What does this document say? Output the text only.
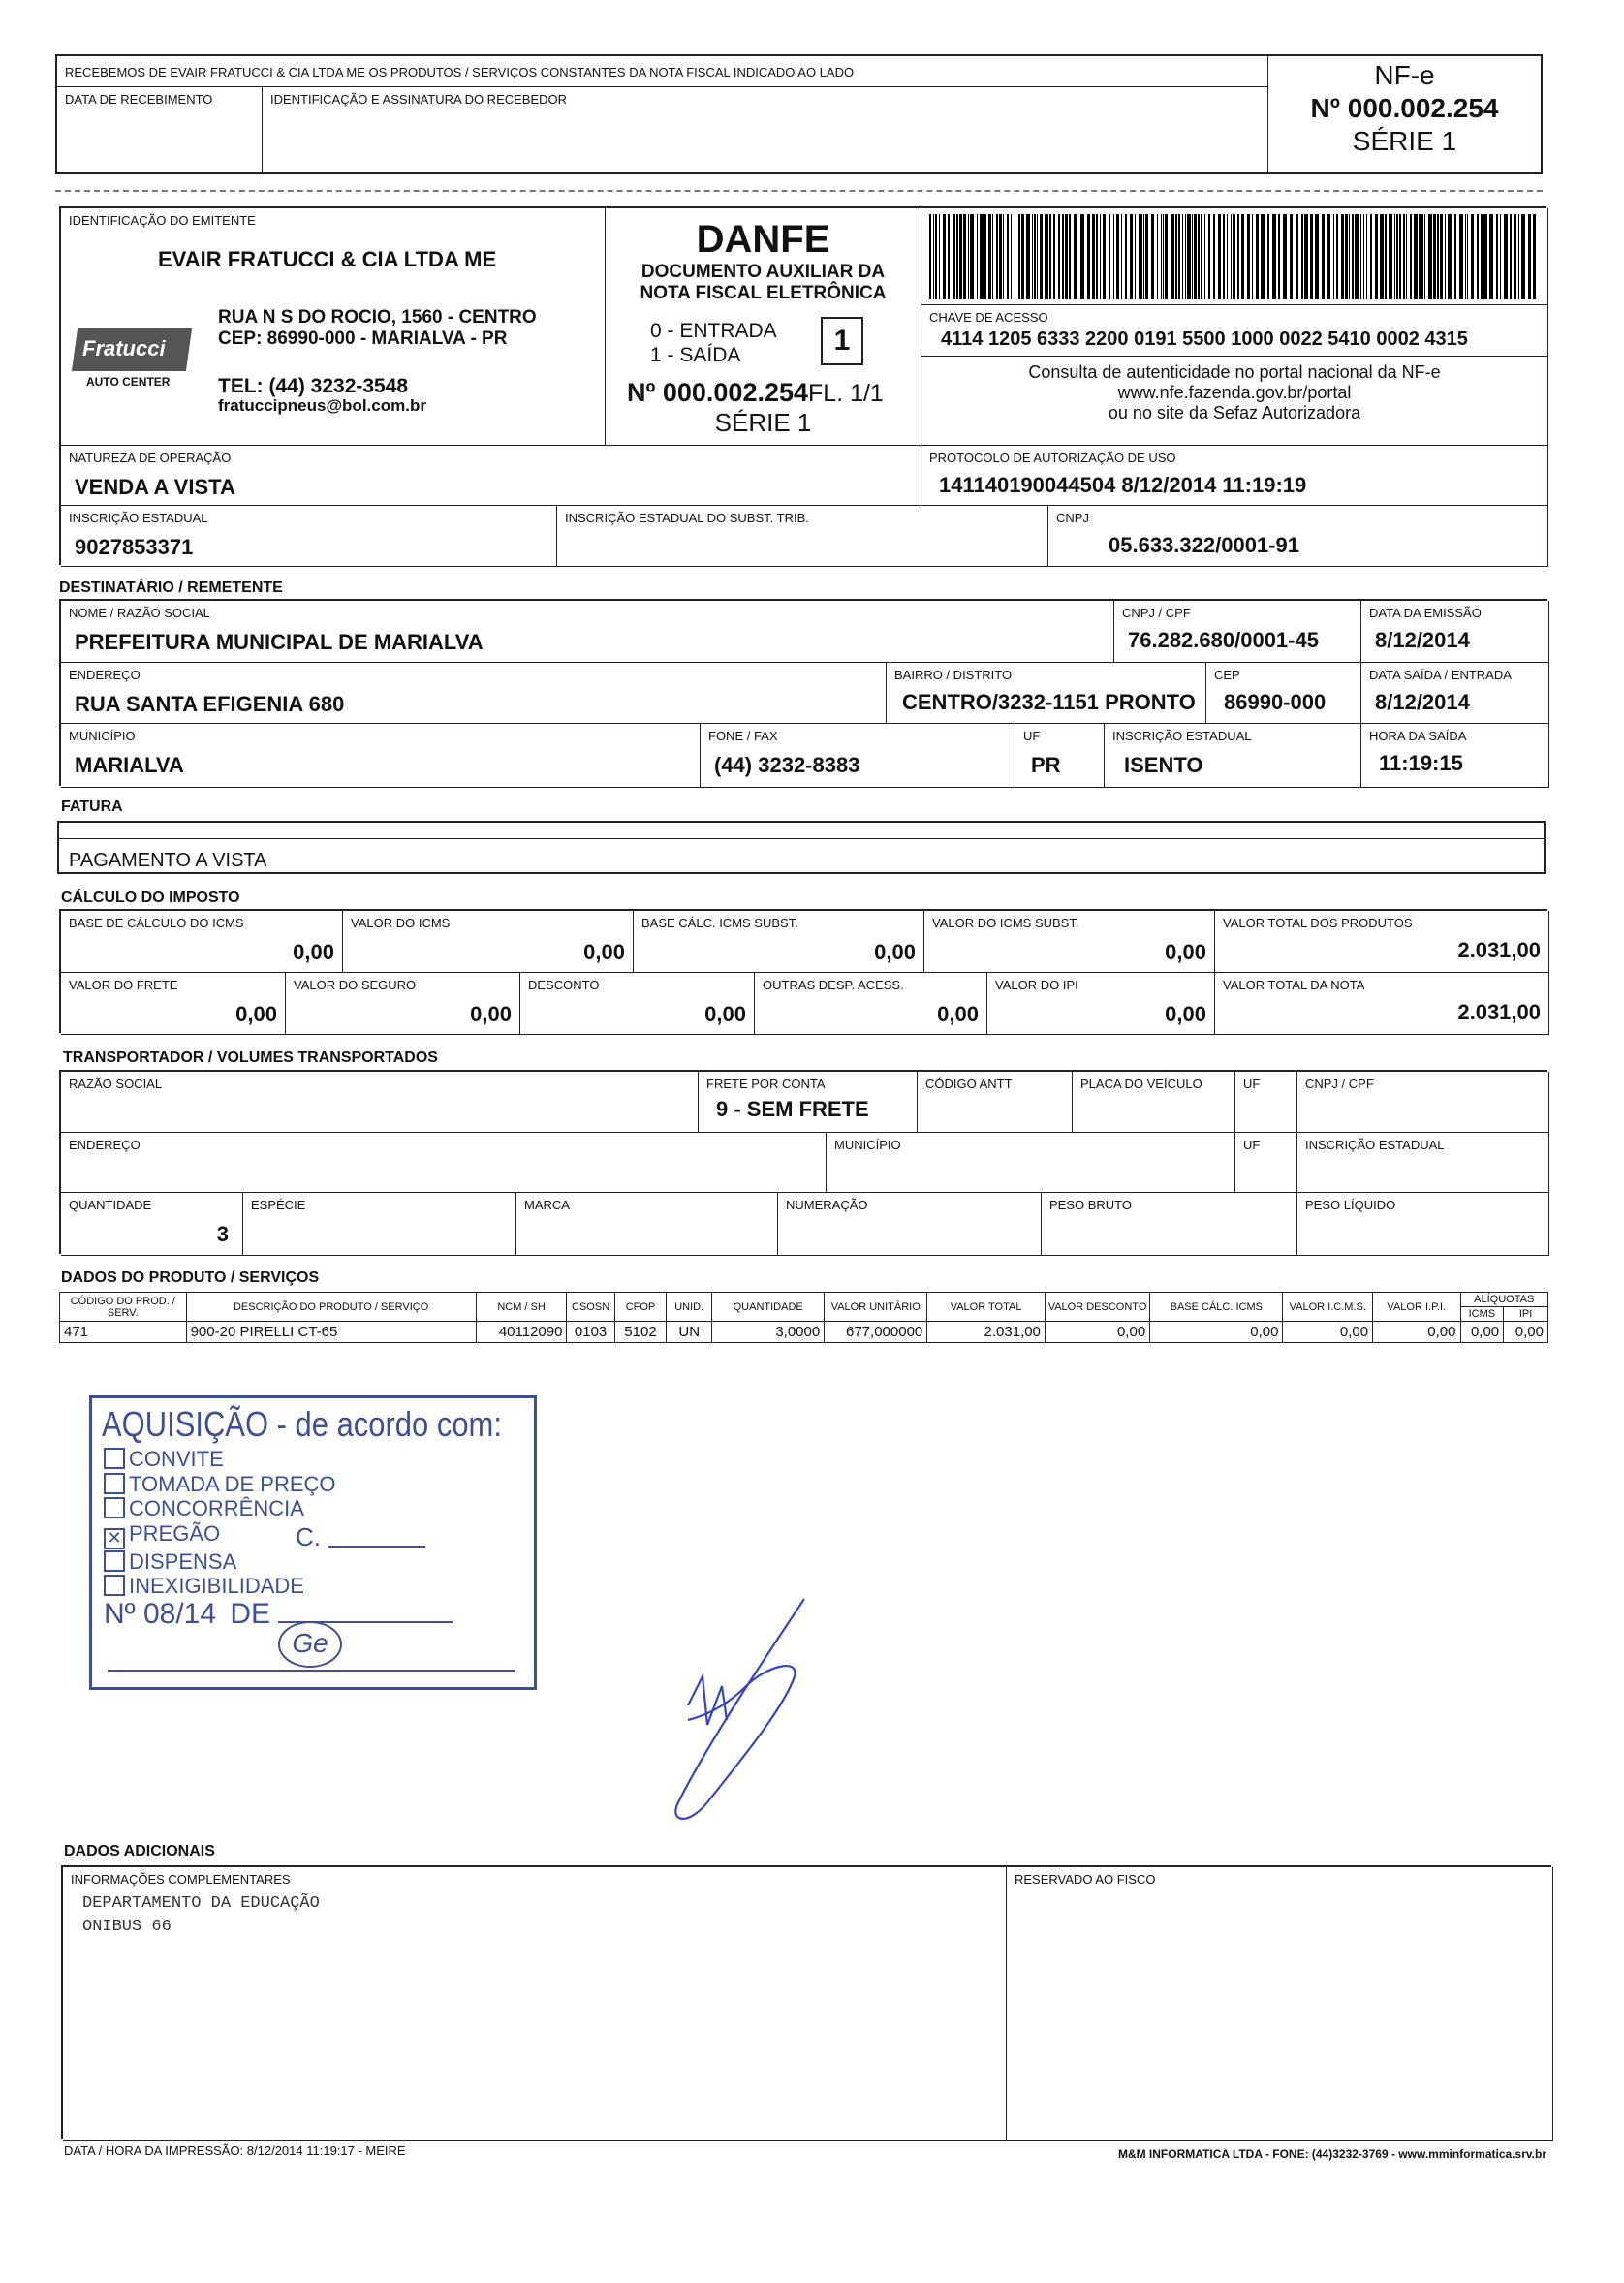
RECEBEMOS DE EVAIR FRATUCCI & CIA LTDA ME OS PRODUTOS / SERVIÇOS CONSTANTES DA NOTA FISCAL INDICADO AO LADO
DATA DE RECEBIMENTO	IDENTIFICAÇÃO E ASSINATURA DO RECEBEDOR
NF-e
Nº 000.002.254
SÉRIE 1
IDENTIFICAÇÃO DO EMITENTE
EVAIR FRATUCCI & CIA LTDA ME
Fratucci
AUTO CENTER
RUA N S DO ROCIO, 1560 - CENTRO
CEP: 86990-000 - MARIALVA - PR
TEL: (44) 3232-3548
fratuccipneus@bol.com.br
DANFE
DOCUMENTO AUXILIAR DA
NOTA FISCAL ELETRÔNICA
0 - ENTRADA
1 - SAÍDA	1
Nº 000.002.254FL. 1/1
SÉRIE 1
CHAVE DE ACESSO
4114 1205 6333 2200 0191 5500 1000 0022 5410 0002 4315
Consulta de autenticidade no portal nacional da NF-e
www.nfe.fazenda.gov.br/portal
ou no site da Sefaz Autorizadora
NATUREZA DE OPERAÇÃO
VENDA A VISTA
PROTOCOLO DE AUTORIZAÇÃO DE USO
141140190044504 8/12/2014 11:19:19
INSCRIÇÃO ESTADUAL
9027853371
INSCRIÇÃO ESTADUAL DO SUBST. TRIB.	CNPJ
05.633.322/0001-91
DESTINATÁRIO / REMETENTE
NOME / RAZÃO SOCIAL
PREFEITURA MUNICIPAL DE MARIALVA
CNPJ / CPF
76.282.680/0001-45
DATA DA EMISSÃO
8/12/2014
ENDEREÇO
RUA SANTA EFIGENIA 680
BAIRRO / DISTRITO
CENTRO/3232-1151 PRONTO
CEP
86990-000
DATA SAÍDA / ENTRADA
8/12/2014
MUNICÍPIO
MARIALVA
FONE / FAX
(44) 3232-8383
UF
PR
INSCRIÇÃO ESTADUAL
ISENTO
HORA DA SAÍDA
11:19:15
FATURA
PAGAMENTO A VISTA
CÁLCULO DO IMPOSTO
BASE DE CÁLCULO DO ICMS
0,00
VALOR DO ICMS
0,00
BASE CÁLC. ICMS SUBST.
0,00
VALOR DO ICMS SUBST.
0,00
VALOR TOTAL DOS PRODUTOS
2.031,00
VALOR DO FRETE
0,00
VALOR DO SEGURO
0,00
DESCONTO
0,00
OUTRAS DESP. ACESS.
0,00
VALOR DO IPI
0,00
VALOR TOTAL DA NOTA
2.031,00
TRANSPORTADOR / VOLUMES TRANSPORTADOS
RAZÃO SOCIAL	FRETE POR CONTA
9 - SEM FRETE
CÓDIGO ANTT	PLACA DO VEÍCULO	UF	CNPJ / CPF
ENDEREÇO	MUNICÍPIO	UF	INSCRIÇÃO ESTADUAL
QUANTIDADE
3
ESPÉCIE	MARCA	NUMERAÇÃO	PESO BRUTO	PESO LÍQUIDO
DADOS DO PRODUTO / SERVIÇOS
CÓDIGO DO PROD. / SERV.	DESCRIÇÃO DO PRODUTO / SERVIÇO	NCM / SH	CSOSN	CFOP	UNID.	QUANTIDADE	VALOR UNITÁRIO	VALOR TOTAL	VALOR DESCONTO	BASE CÁLC. ICMS	VALOR I.C.M.S.	VALOR I.P.I.	ALÍQUOTAS	
													ICMS	IPI
471	900-20 PIRELLI CT-65	40112090	0103	5102	UN	3,0000	677,000000	2.031,00	0,00	0,00	0,00	0,00	0,00	0,00
AQUISIÇÃO - de acordo com:
CONVITE
TOMADA DE PREÇO
CONCORRÊNCIA
✕ PREGÃO
DISPENSA
INEXIGIBILIDADE
C.
Nº 08/14 DE
Ge
DADOS ADICIONAIS
INFORMAÇÕES COMPLEMENTARES
DEPARTAMENTO DA EDUCAÇÃO
ONIBUS 66
RESERVADO AO FISCO
DATA / HORA DA IMPRESSÃO: 8/12/2014 11:19:17 - MEIRE	M&M INFORMATICA LTDA - FONE: (44)3232-3769 - www.mminformatica.srv.br
